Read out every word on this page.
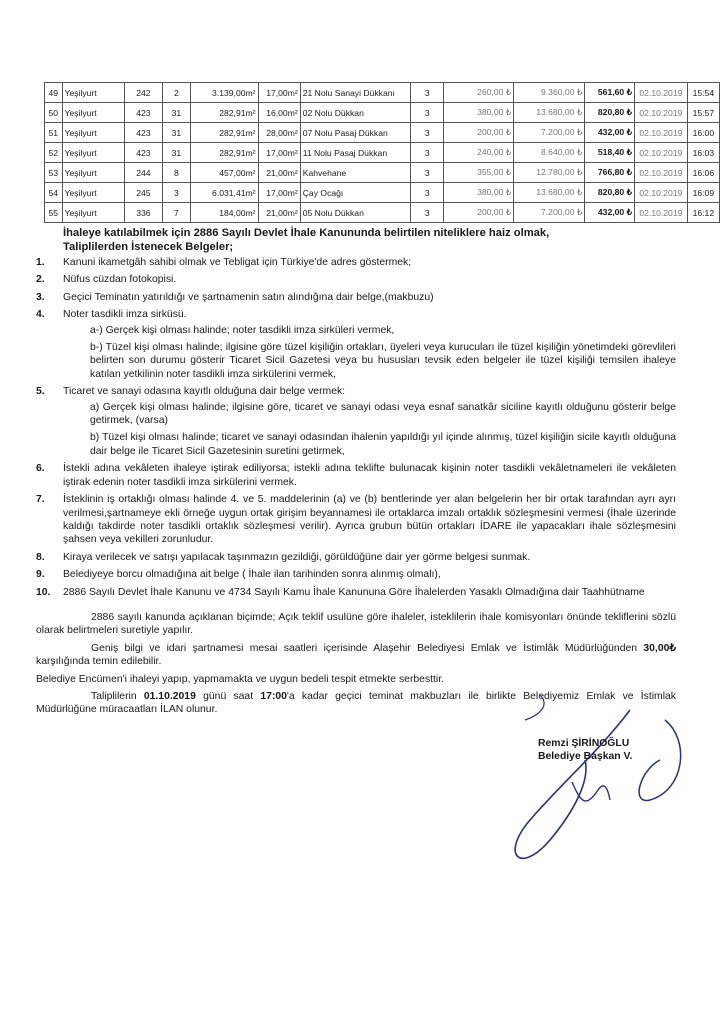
49	Yeşilyurt	242	2	3.139,00m²	17,00m²	21 Nolu Sanayi Dükkanı	3	260,00 ₺	9.360,00 ₺	561,60 ₺	02.10.2019	15:54
50	Yeşilyurt	423	31	282,91m²	16,00m²	02 Nolu Dükkan	3	380,00 ₺	13.680,00 ₺	820,80 ₺	02.10.2019	15:57
51	Yeşilyurt	423	31	282,91m²	28,00m²	07 Nolu Pasaj Dükkan	3	200,00 ₺	7.200,00 ₺	432,00 ₺	02.10.2019	16:00
52	Yeşilyurt	423	31	282,91m²	17,00m²	11 Nolu Pasaj Dükkan	3	240,00 ₺	8.640,00 ₺	518,40 ₺	02.10.2019	16:03
53	Yeşilyurt	244	8	457,00m²	21,00m²	Kahvehane	3	355,00 ₺	12.780,00 ₺	766,80 ₺	02.10.2019	16:06
54	Yeşilyurt	245	3	6.031,41m²	17,00m²	Çay Ocağı	3	380,00 ₺	13.680,00 ₺	820,80 ₺	02.10.2019	16:09
55	Yeşilyurt	336	7	184,00m²	21,00m²	05 Nolu Dükkan	3	200,00 ₺	7.200,00 ₺	432,00 ₺	02.10.2019	16:12
İhaleye katılabilmek için 2886 Sayılı Devlet İhale Kanununda belirtilen niteliklere haiz olmak,
Taliplilerden İstenecek Belgeler;
1. Kanuni ikametgâh sahibi olmak ve Tebligat için Türkiye'de adres göstermek;
2. Nüfus cüzdan fotokopisi.
3. Geçici Teminatın yatırıldığı ve şartnamenin satın alındığına dair belge,(makbuzu)
4. Noter tasdikli imza sirküsü.
a-) Gerçek kişi olması halinde; noter tasdikli imza sirküleri vermek,
b-) Tüzel kişi olması halinde; ilgisine göre tüzel kişiliğin ortakları, üyeleri veya kurucuları ile tüzel kişiliğin yönetimdeki görevlileri belirten son durumu gösterir Ticaret Sicil Gazetesi veya bu hususları tevsik eden belgeler ile tüzel kişiliği temsilen ihaleye katılan yetkilinin noter tasdikli imza sirkülerini vermek,
5. Ticaret ve sanayi odasına kayıtlı olduğuna dair belge vermek:
a) Gerçek kişi olması halinde; ilgisine göre, ticaret ve sanayi odası veya esnaf sanatkâr siciline kayıtlı olduğunu gösterir belge getirmek, (varsa)
b) Tüzel kişi olması halinde; ticaret ve sanayi odasından ihalenin yapıldığı yıl içinde alınmış, tüzel kişiliğin sicile kayıtlı olduğuna dair belge ile Ticaret Sicil Gazetesinin suretini getirmek,
6. İstekli adına vekâleten ihaleye iştirak ediliyorsa; istekli adına teklifte bulunacak kişinin noter tasdikli vekâletnameleri ile vekâleten iştirak edenin noter tasdikli imza sirkülerini vermek.
7. İsteklinin iş ortaklığı olması halinde 4. ve 5. maddelerinin (a) ve (b) bentlerinde yer alan belgelerin her bir ortak tarafından ayrı ayrı verilmesi,şartnameye ekli örneğe uygun ortak girişim beyannamesi ile ortaklarca imzalı ortaklık sözleşmesini vermesi (İhale üzerinde kaldığı takdirde noter tasdikli ortaklık sözleşmesi verilir). Ayrıca grubun bütün ortakları İDARE ile yapacakları ihale sözleşmesini şahsen veya vekilleri zorunludur.
8. Kiraya verilecek ve satışı yapılacak taşınmazın gezildiği, görüldüğüne dair yer görme belgesi sunmak.
9. Belediyeye borcu olmadığına ait belge ( İhale ilan tarihinden sonra alınmış olmalı),
10. 2886 Sayılı Devlet İhale Kanunu ve 4734 Sayılı Kamu İhale Kanununa Göre İhalelerden Yasaklı Olmadığına dair Taahhütname
2886 sayılı kanunda açıklanan biçimde; Açık teklif usulüne göre ihaleler, isteklilerin ihale komisyonları önünde tekliflerini sözlü olarak belirtmeleri suretiyle yapılır.
Geniş bilgi ve idari şartnamesi mesai saatleri içerisinde Alaşehir Belediyesi Emlak ve İstimlâk Müdürlüğünden 30,00₺ karşılığında temin edilebilir.
Belediye Encümen'i ihaleyi yapıp, yapmamakta ve uygun bedeli tespit etmekte serbesttir.
Taliplilerin 01.10.2019 günü saat 17:00'a kadar geçici teminat makbuzları ile birlikte Belediyemiz Emlak ve İstimlak Müdürlüğüne müracaatları İLAN olunur.
Remzi ŞİRİNOĞLU
Belediye Başkan V.
